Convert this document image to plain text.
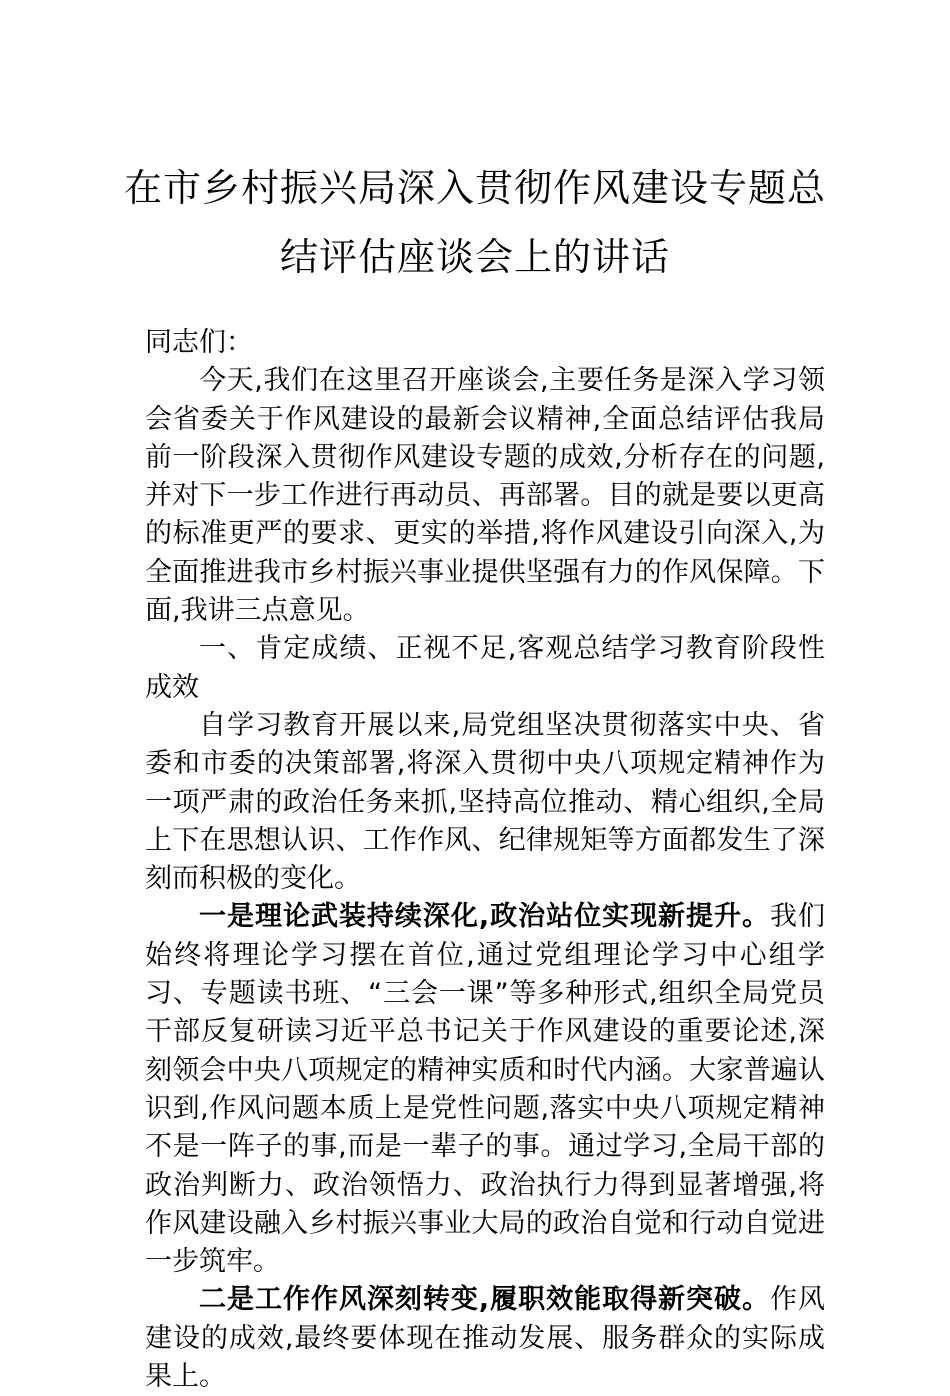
在市乡村振兴局深入贯彻作风建设专题总
结评估座谈会上的讲话

同志们：

今天,我们在这里召开座谈会,主要任务是深入学习领会省委关于作风建设的最新会议精神,全面总结评估我局前一阶段深入贯彻作风建设专题的成效,分析存在的问题,并对下一步工作进行再动员、再部署。目的就是要以更高的标准更严的要求、更实的举措,将作风建设引向深入,为全面推进我市乡村振兴事业提供坚强有力的作风保障。下面,我讲三点意见。

一、肯定成绩、正视不足,客观总结学习教育阶段性成效

自学习教育开展以来,局党组坚决贯彻落实中央、省委和市委的决策部署,将深入贯彻中央八项规定精神作为一项严肃的政治任务来抓,坚持高位推动、精心组织,全局上下在思想认识、工作作风、纪律规矩等方面都发生了深刻而积极的变化。

一是理论武装持续深化,政治站位实现新提升。我们始终将理论学习摆在首位,通过党组理论学习中心组学习、专题读书班、“三会一课”等多种形式,组织全局党员干部反复研读习近平总书记关于作风建设的重要论述,深刻领会中央八项规定的精神实质和时代内涵。大家普遍认识到,作风问题本质上是党性问题,落实中央八项规定精神不是一阵子的事,而是一辈子的事。通过学习,全局干部的政治判断力、政治领悟力、政治执行力得到显著增强,将作风建设融入乡村振兴事业大局的政治自觉和行动自觉进一步筑牢。

二是工作作风深刻转变,履职效能取得新突破。作风建设的成效,最终要体现在推动发展、服务群众的实际成果上。
